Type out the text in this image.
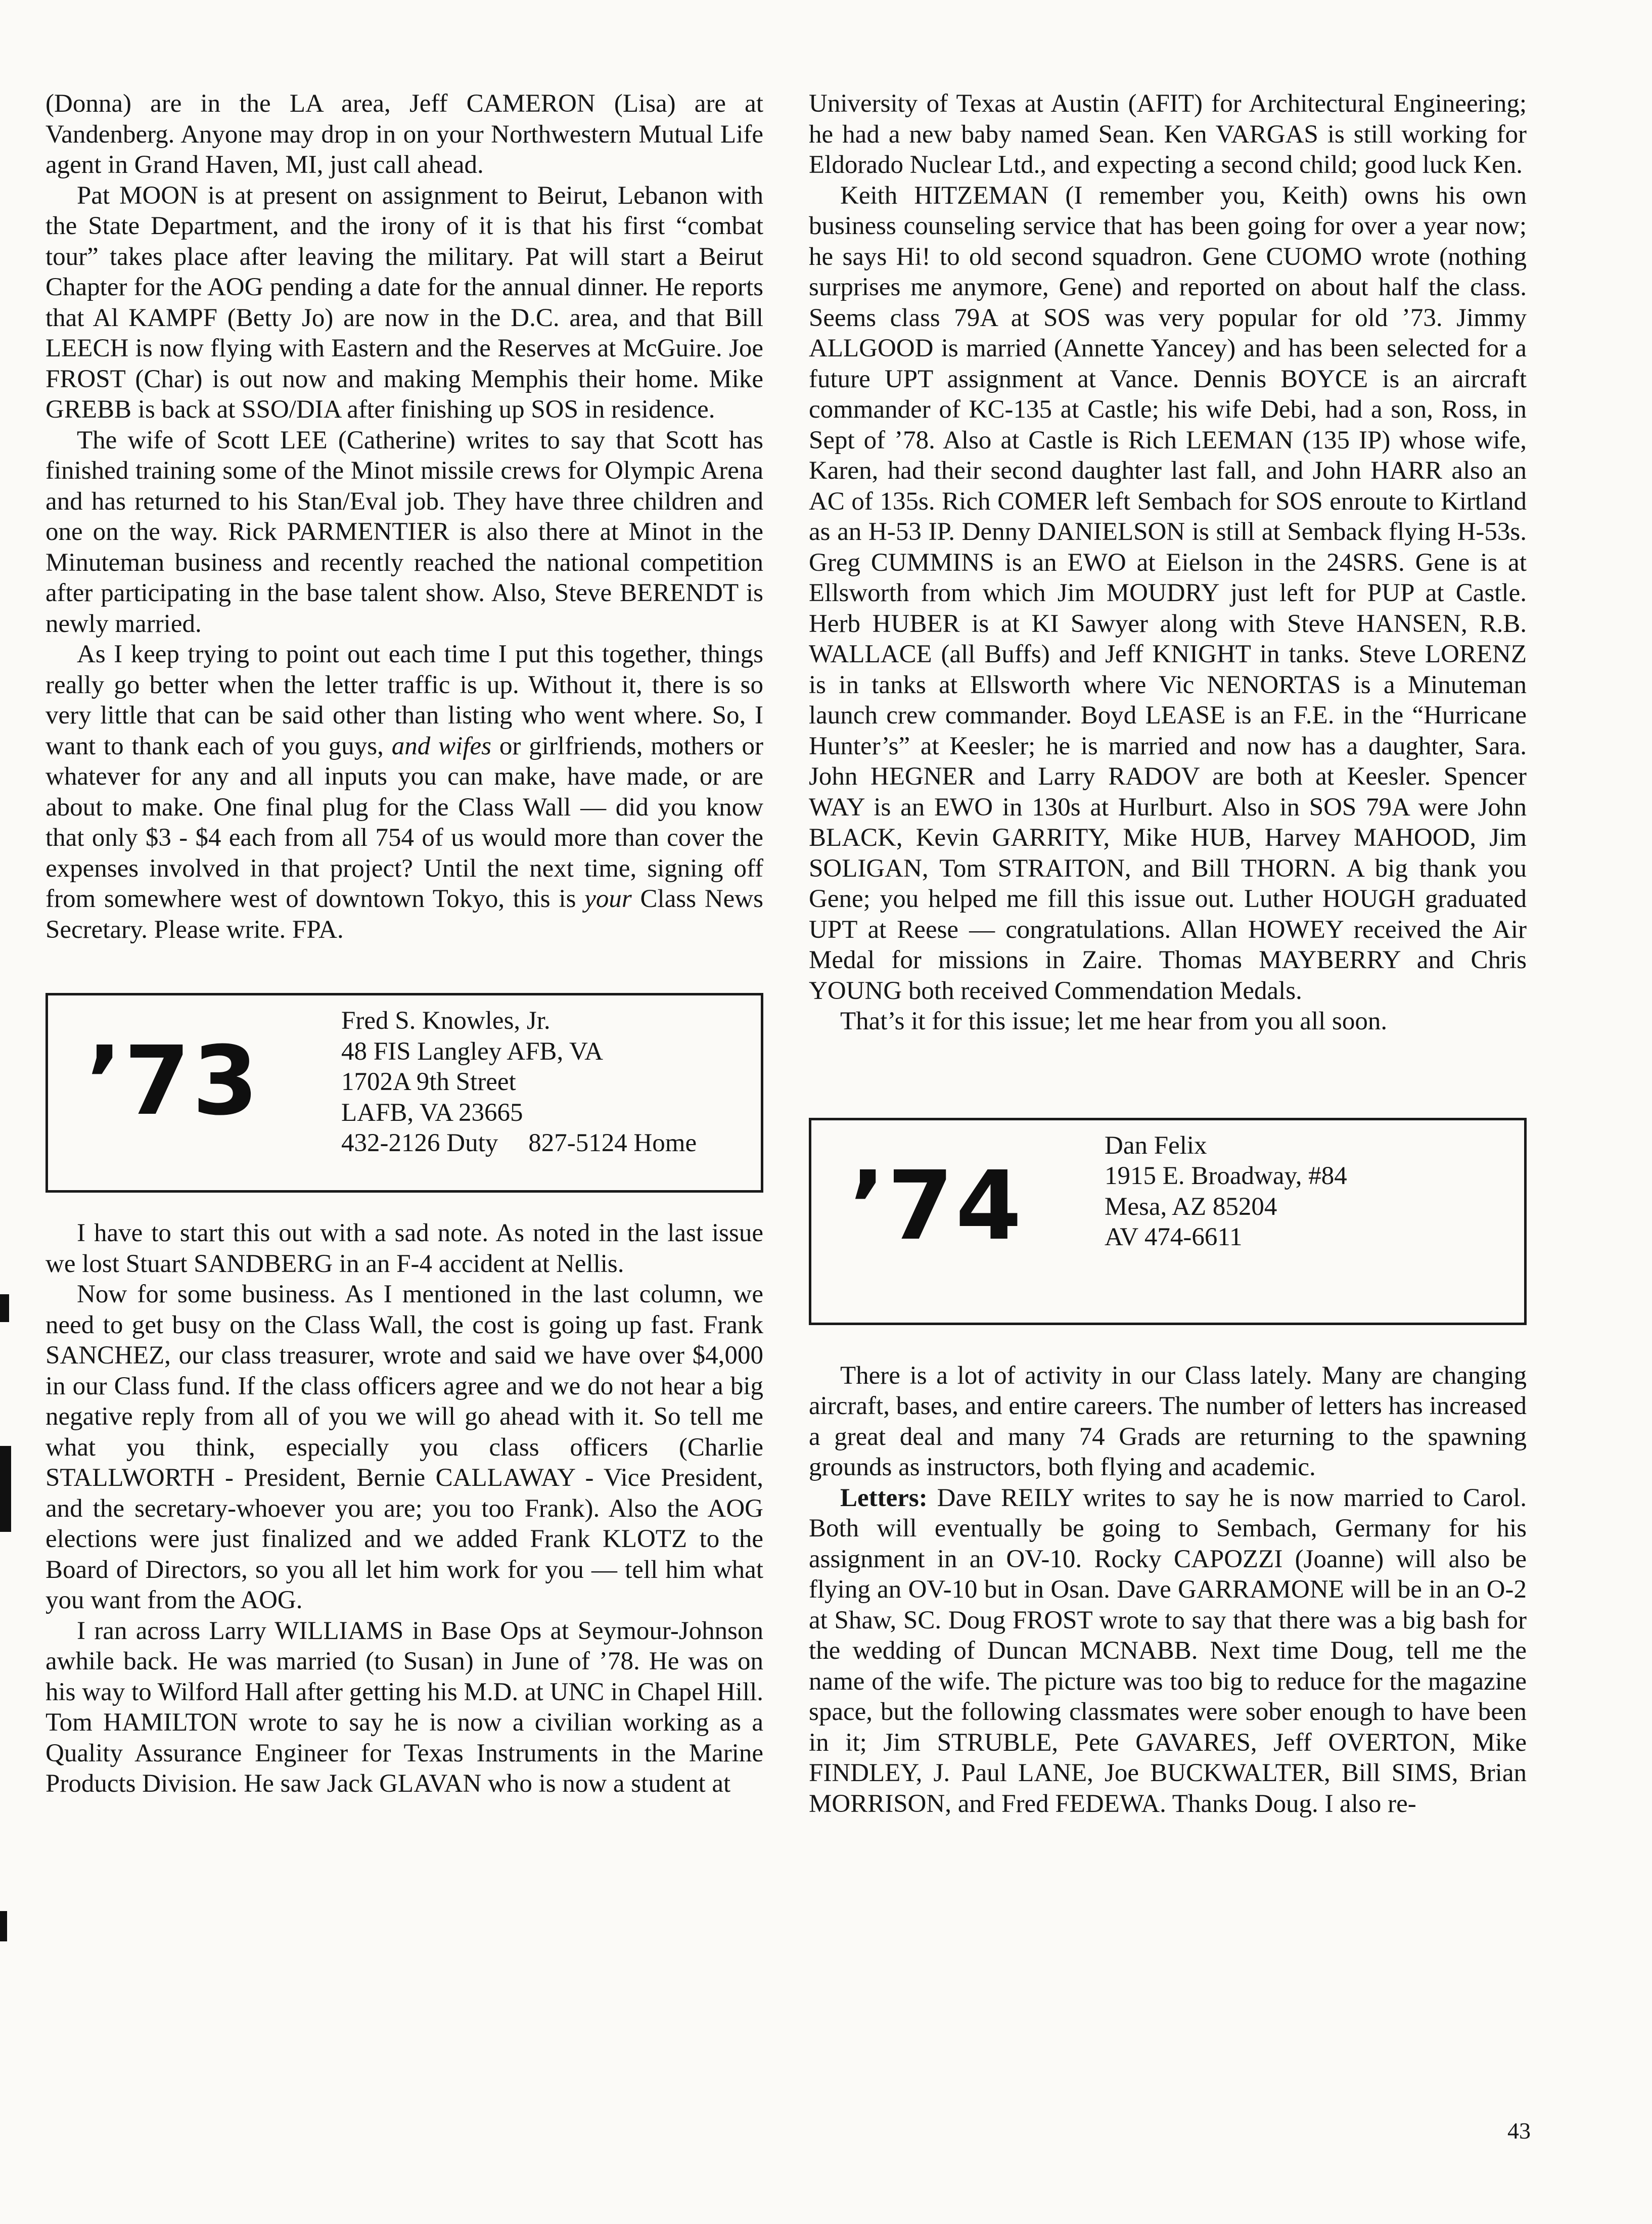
(Donna) are in the LA area, Jeff CAMERON (Lisa) are at Vandenberg. Anyone may drop in on your Northwestern Mutual Life agent in Grand Haven, MI, just call ahead.

Pat MOON is at present on assignment to Beirut, Lebanon with the State Department, and the irony of it is that his first “combat tour” takes place after leaving the military. Pat will start a Beirut Chapter for the AOG pending a date for the annual dinner. He reports that Al KAMPF (Betty Jo) are now in the D.C. area, and that Bill LEECH is now flying with Eastern and the Reserves at McGuire. Joe FROST (Char) is out now and making Memphis their home. Mike GREBB is back at SSO/DIA after finishing up SOS in residence.

The wife of Scott LEE (Catherine) writes to say that Scott has finished training some of the Minot missile crews for Olympic Arena and has returned to his Stan/Eval job. They have three children and one on the way. Rick PARMENTIER is also there at Minot in the Minuteman business and recently reached the national competition after participating in the base talent show. Also, Steve BERENDT is newly married.

As I keep trying to point out each time I put this together, things really go better when the letter traffic is up. Without it, there is so very little that can be said other than listing who went where. So, I want to thank each of you guys, and wifes or girlfriends, mothers or whatever for any and all inputs you can make, have made, or are about to make. One final plug for the Class Wall — did you know that only $3 - $4 each from all 754 of us would more than cover the expenses involved in that project? Until the next time, signing off from somewhere west of downtown Tokyo, this is your Class News Secretary. Please write. FPA.

’73
Fred S. Knowles, Jr.
48 FIS Langley AFB, VA
1702A 9th Street
LAFB, VA 23665
432-2126 Duty 827-5124 Home

I have to start this out with a sad note. As noted in the last issue we lost Stuart SANDBERG in an F-4 accident at Nellis.

Now for some business. As I mentioned in the last column, we need to get busy on the Class Wall, the cost is going up fast. Frank SANCHEZ, our class treasurer, wrote and said we have over $4,000 in our Class fund. If the class officers agree and we do not hear a big negative reply from all of you we will go ahead with it. So tell me what you think, especially you class officers (Charlie STALLWORTH - President, Bernie CALLAWAY - Vice President, and the secretary-whoever you are; you too Frank). Also the AOG elections were just finalized and we added Frank KLOTZ to the Board of Directors, so you all let him work for you — tell him what you want from the AOG.

I ran across Larry WILLIAMS in Base Ops at Seymour-Johnson awhile back. He was married (to Susan) in June of ’78. He was on his way to Wilford Hall after getting his M.D. at UNC in Chapel Hill. Tom HAMILTON wrote to say he is now a civilian working as a Quality Assurance Engineer for Texas Instruments in the Marine Products Division. He saw Jack GLAVAN who is now a student at

University of Texas at Austin (AFIT) for Architectural Engineering; he had a new baby named Sean. Ken VARGAS is still working for Eldorado Nuclear Ltd., and expecting a second child; good luck Ken.

Keith HITZEMAN (I remember you, Keith) owns his own business counseling service that has been going for over a year now; he says Hi! to old second squadron. Gene CUOMO wrote (nothing surprises me anymore, Gene) and reported on about half the class. Seems class 79A at SOS was very popular for old ’73. Jimmy ALLGOOD is married (Annette Yancey) and has been selected for a future UPT assignment at Vance. Dennis BOYCE is an aircraft commander of KC-135 at Castle; his wife Debi, had a son, Ross, in Sept of ’78. Also at Castle is Rich LEEMAN (135 IP) whose wife, Karen, had their second daughter last fall, and John HARR also an AC of 135s. Rich COMER left Sembach for SOS enroute to Kirtland as an H-53 IP. Denny DANIELSON is still at Semback flying H-53s. Greg CUMMINS is an EWO at Eielson in the 24SRS. Gene is at Ellsworth from which Jim MOUDRY just left for PUP at Castle. Herb HUBER is at KI Sawyer along with Steve HANSEN, R.B. WALLACE (all Buffs) and Jeff KNIGHT in tanks. Steve LORENZ is in tanks at Ellsworth where Vic NENORTAS is a Minuteman launch crew commander. Boyd LEASE is an F.E. in the “Hurricane Hunter’s” at Keesler; he is married and now has a daughter, Sara. John HEGNER and Larry RADOV are both at Keesler. Spencer WAY is an EWO in 130s at Hurlburt. Also in SOS 79A were John BLACK, Kevin GARRITY, Mike HUB, Harvey MAHOOD, Jim SOLIGAN, Tom STRAITON, and Bill THORN. A big thank you Gene; you helped me fill this issue out. Luther HOUGH graduated UPT at Reese — congratulations. Allan HOWEY received the Air Medal for missions in Zaire. Thomas MAYBERRY and Chris YOUNG both received Commendation Medals.

That’s it for this issue; let me hear from you all soon.

’74
Dan Felix
1915 E. Broadway, #84
Mesa, AZ 85204
AV 474-6611

There is a lot of activity in our Class lately. Many are changing aircraft, bases, and entire careers. The number of letters has increased a great deal and many 74 Grads are returning to the spawning grounds as instructors, both flying and academic.

Letters: Dave REILY writes to say he is now married to Carol. Both will eventually be going to Sembach, Germany for his assignment in an OV-10. Rocky CAPOZZI (Joanne) will also be flying an OV-10 but in Osan. Dave GARRAMONE will be in an O-2 at Shaw, SC. Doug FROST wrote to say that there was a big bash for the wedding of Duncan MCNABB. Next time Doug, tell me the name of the wife. The picture was too big to reduce for the magazine space, but the following classmates were sober enough to have been in it; Jim STRUBLE, Pete GAVARES, Jeff OVERTON, Mike FINDLEY, J. Paul LANE, Joe BUCKWALTER, Bill SIMS, Brian MORRISON, and Fred FEDEWA. Thanks Doug. I also re-

43
